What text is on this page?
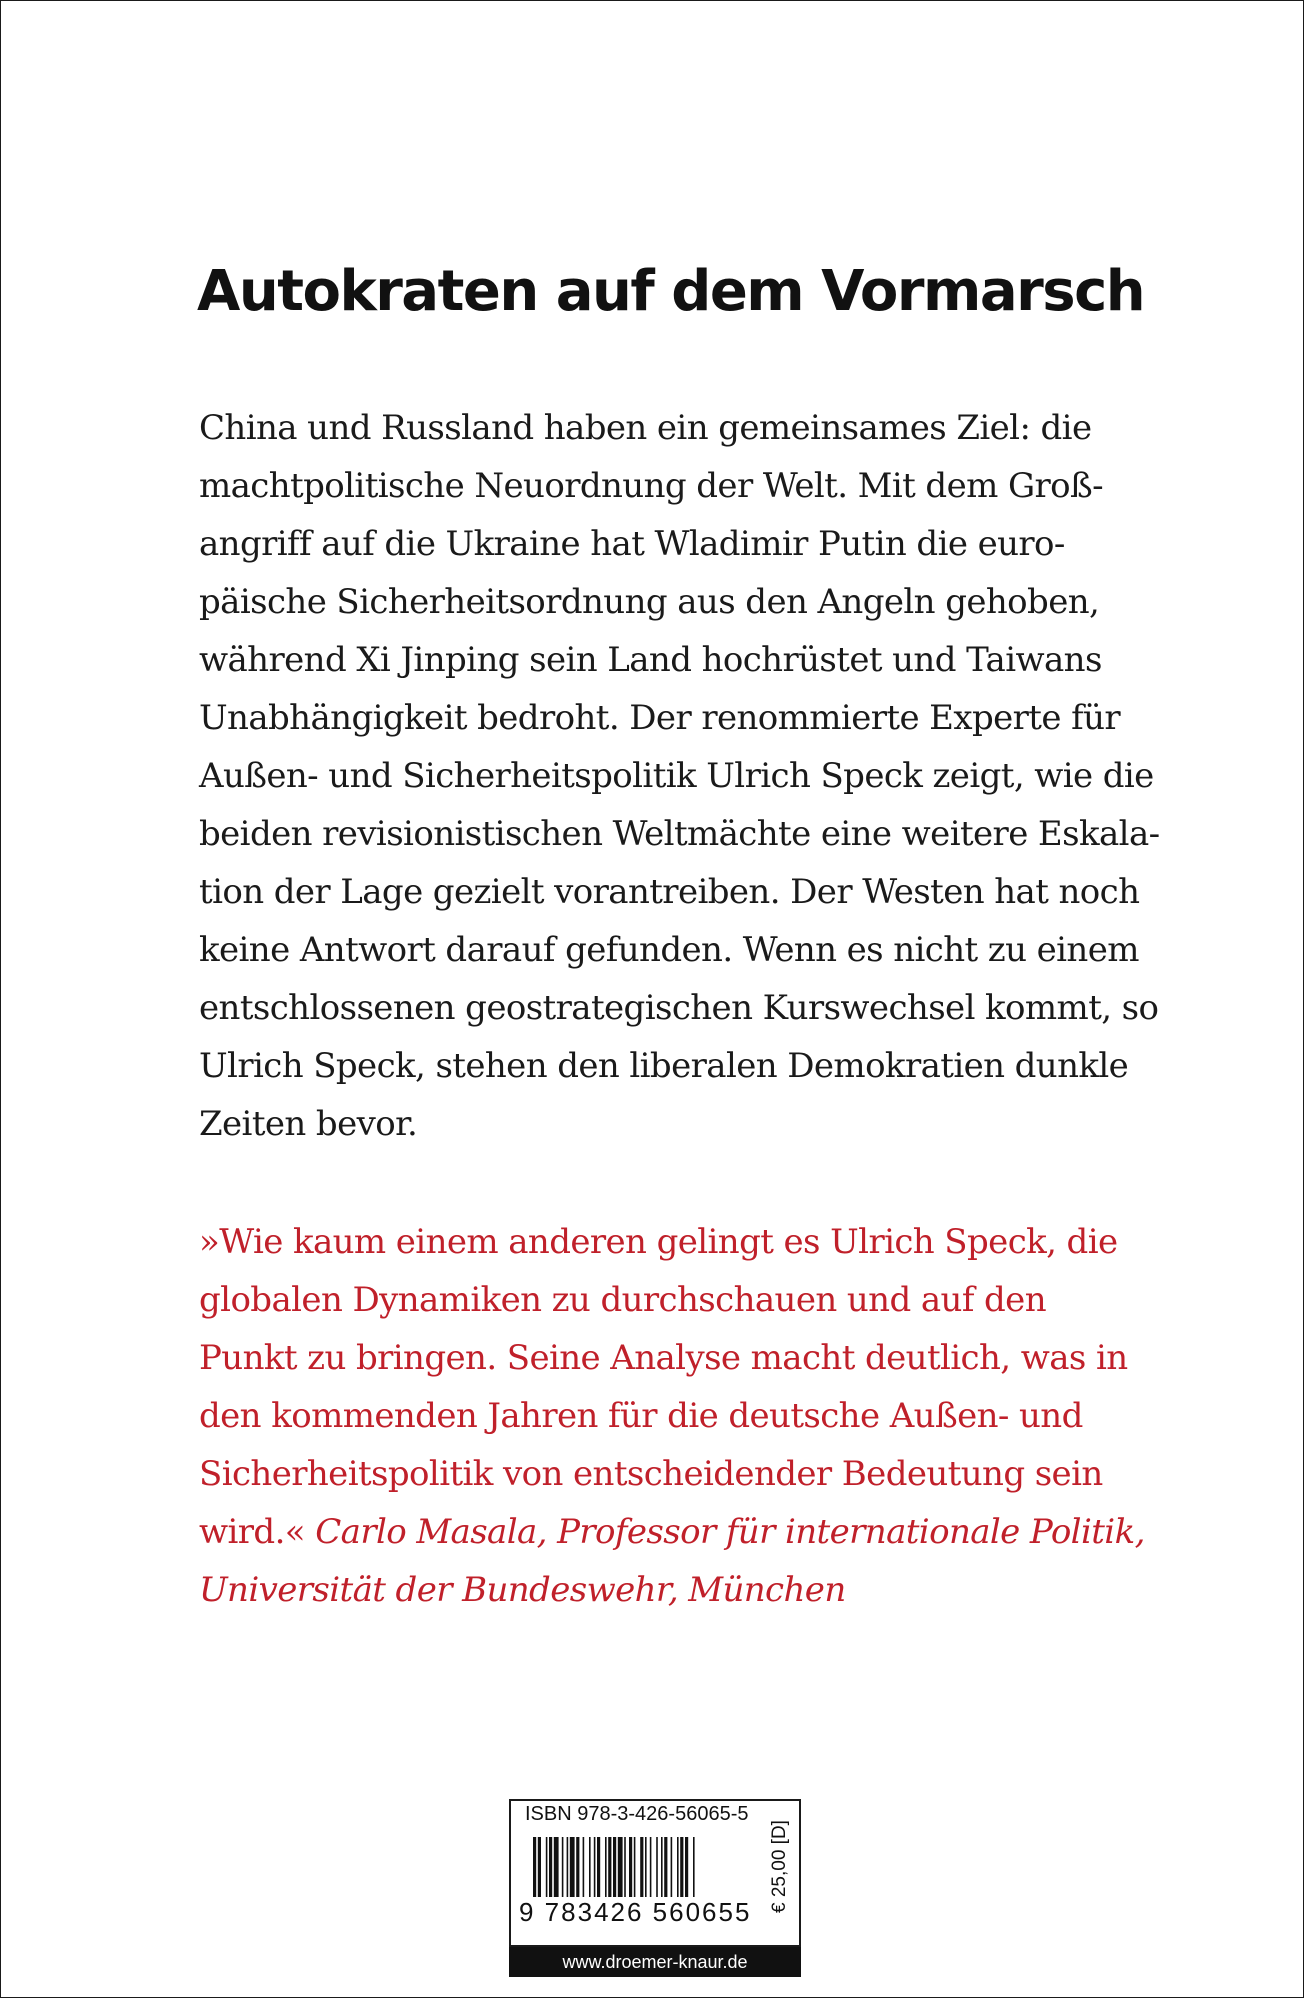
Autokraten auf dem Vormarsch
China und Russland haben ein gemeinsames Ziel: die
machtpolitische Neuordnung der Welt. Mit dem Groß-
angriff auf die Ukraine hat Wladimir Putin die euro-
päische Sicherheitsordnung aus den Angeln gehoben,
während Xi Jinping sein Land hochrüstet und Taiwans
Unabhängigkeit bedroht. Der renommierte Experte für
Außen- und Sicherheitspolitik Ulrich Speck zeigt, wie die
beiden revisionistischen Weltmächte eine weitere Eskala-
tion der Lage gezielt vorantreiben. Der Westen hat noch
keine Antwort darauf gefunden. Wenn es nicht zu einem
entschlossenen geostrategischen Kurswechsel kommt, so
Ulrich Speck, stehen den liberalen Demokratien dunkle
Zeiten bevor.
»Wie kaum einem anderen gelingt es Ulrich Speck, die
globalen Dynamiken zu durchschauen und auf den
Punkt zu bringen. Seine Analyse macht deutlich, was in
den kommenden Jahren für die deutsche Außen- und
Sicherheitspolitik von entscheidender Bedeutung sein
wird.« Carlo Masala, Professor für internationale Politik,
Universität der Bundeswehr, München
ISBN 978-3-426-56065-5
9 783426 560655 € 25,00 [D]
www.droemer-knaur.de
